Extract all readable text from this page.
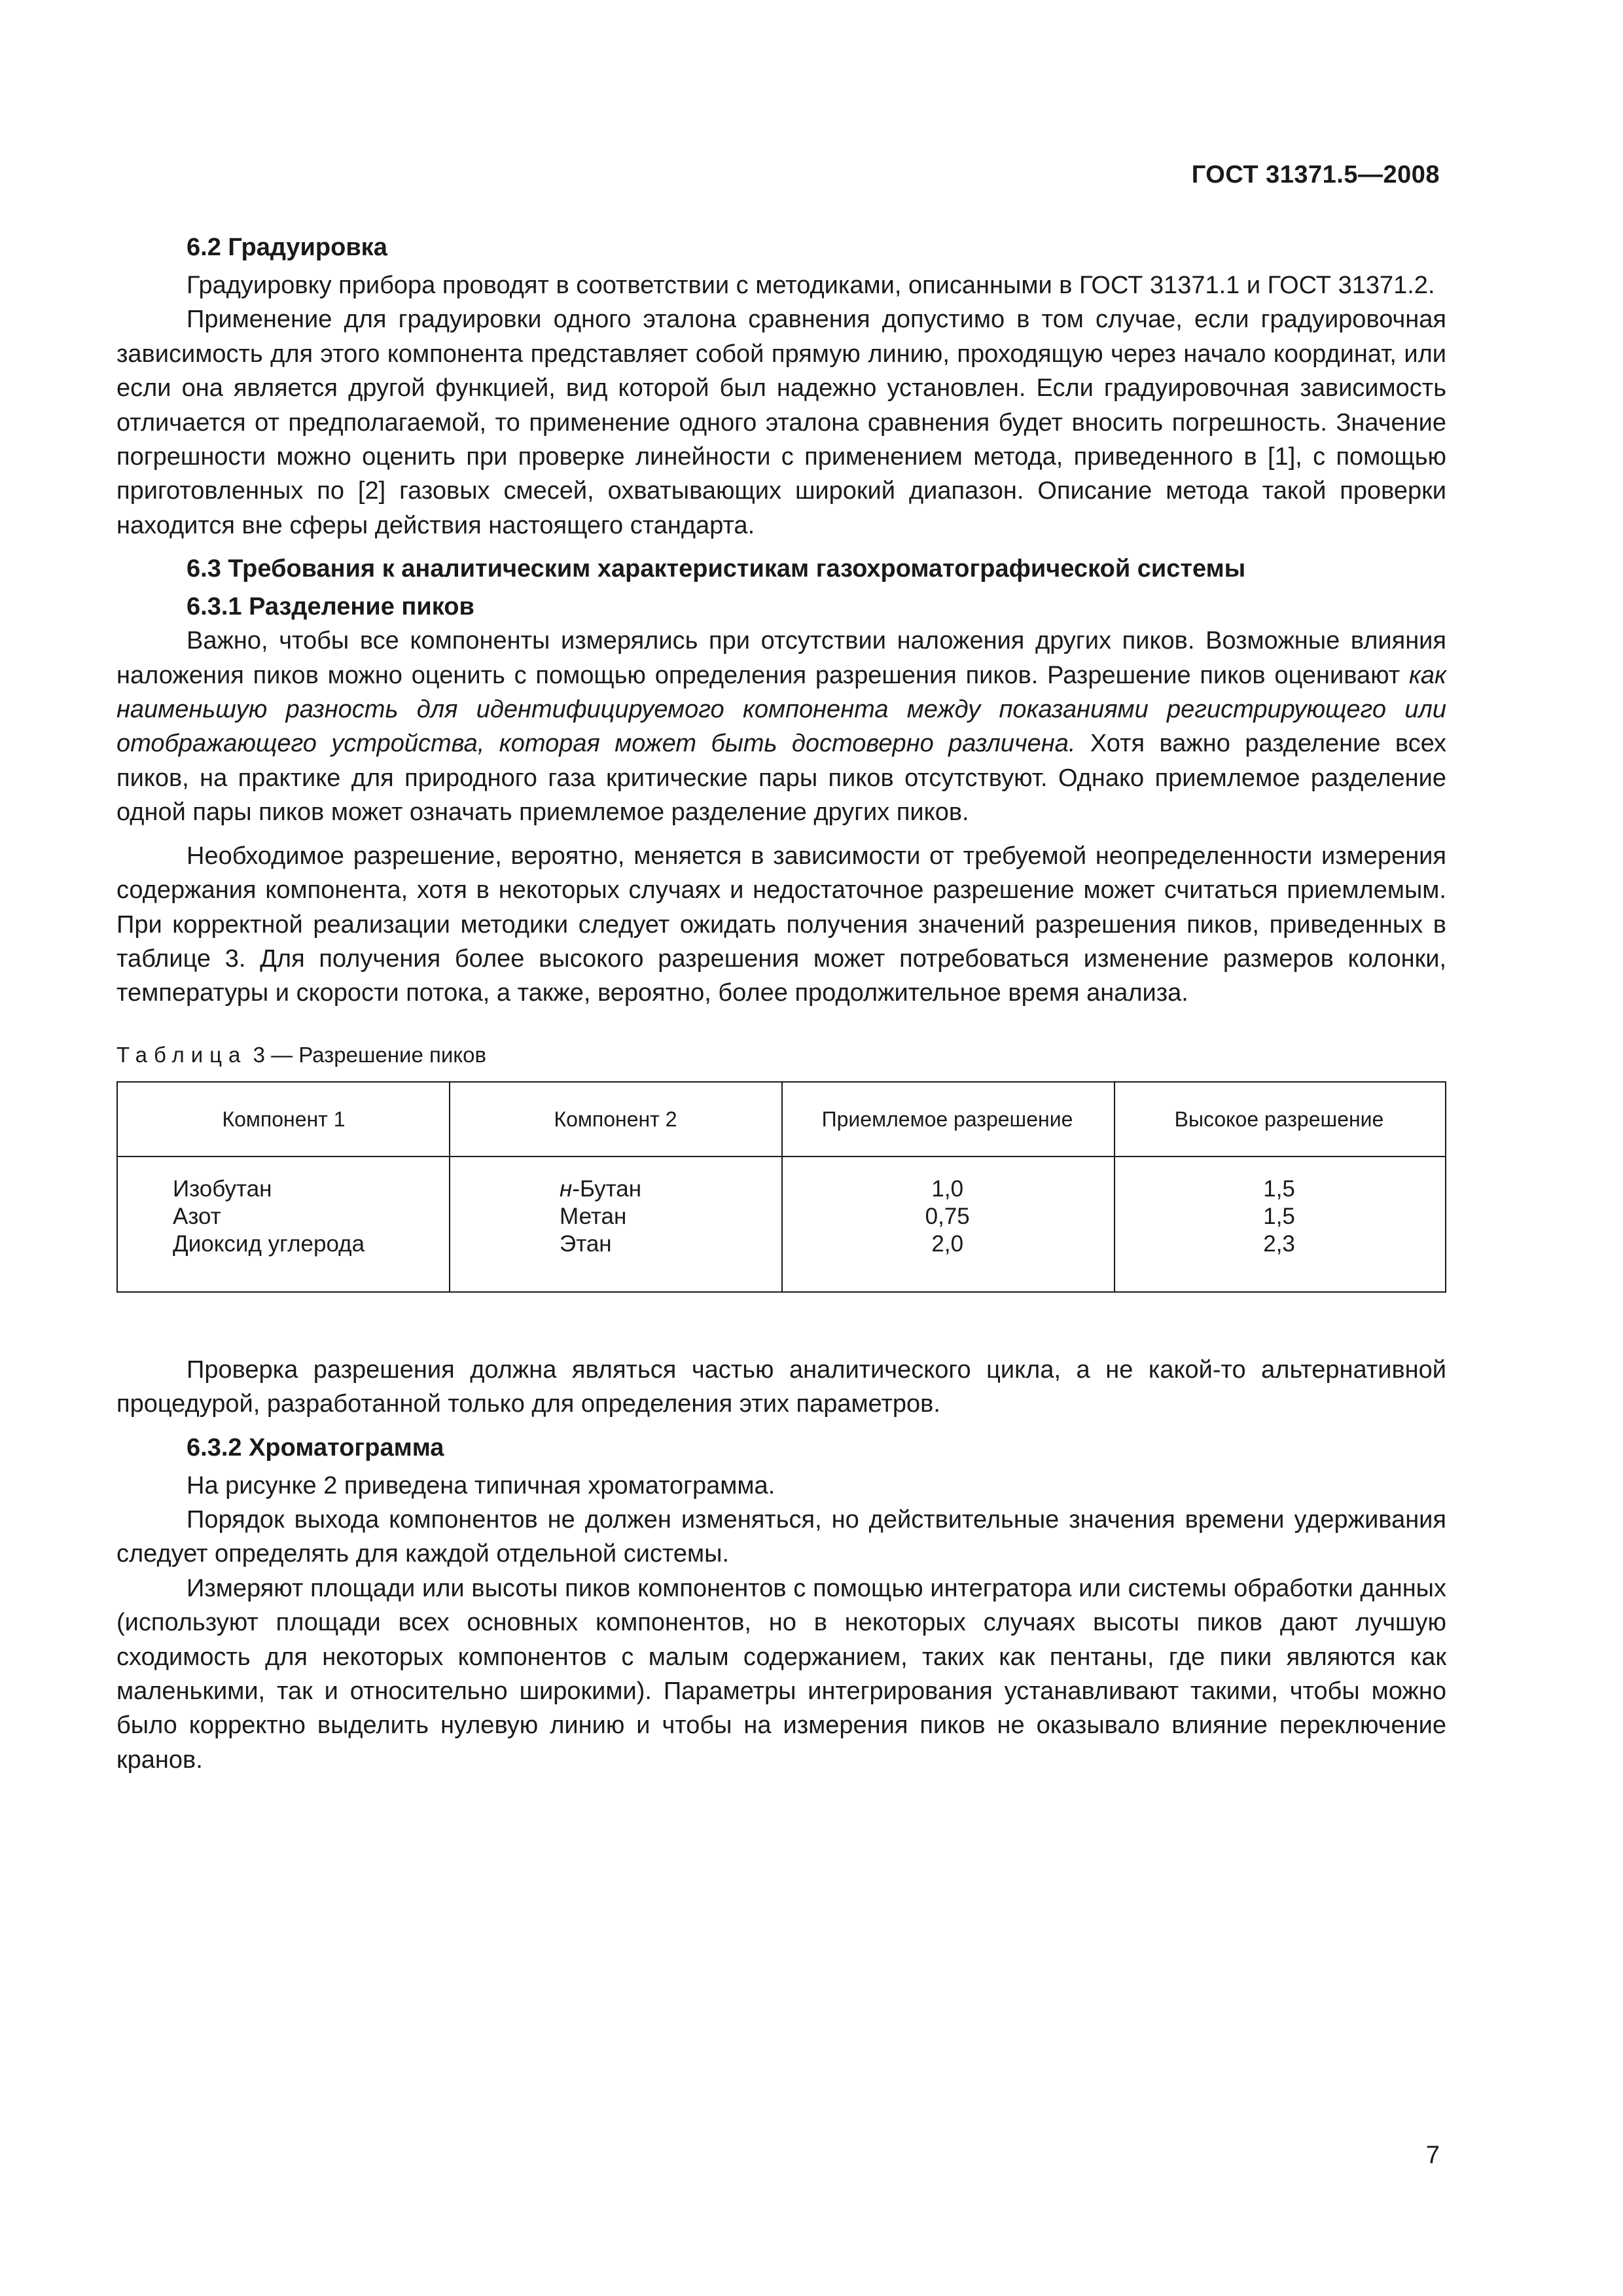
ГОСТ 31371.5—2008

6.2 Градуировка

Градуировку прибора проводят в соответствии с методиками, описанными в ГОСТ 31371.1 и ГОСТ 31371.2.

Применение для градуировки одного эталона сравнения допустимо в том случае, если градуировочная зависимость для этого компонента представляет собой прямую линию, проходящую через начало координат, или если она является другой функцией, вид которой был надежно установлен. Если градуировочная зависимость отличается от предполагаемой, то применение одного эталона сравнения будет вносить погрешность. Значение погрешности можно оценить при проверке линейности с применением метода, приведенного в [1], с помощью приготовленных по [2] газовых смесей, охватывающих широкий диапазон. Описание метода такой проверки находится вне сферы действия настоящего стандарта.

6.3 Требования к аналитическим характеристикам газохроматографической системы

6.3.1 Разделение пиков

Важно, чтобы все компоненты измерялись при отсутствии наложения других пиков. Возможные влияния наложения пиков можно оценить с помощью определения разрешения пиков. Разрешение пиков оценивают как наименьшую разность для идентифицируемого компонента между показаниями регистрирующего или отображающего устройства, которая может быть достоверно различена. Хотя важно разделение всех пиков, на практике для природного газа критические пары пиков отсутствуют. Однако приемлемое разделение одной пары пиков может означать приемлемое разделение других пиков.

Необходимое разрешение, вероятно, меняется в зависимости от требуемой неопределенности измерения содержания компонента, хотя в некоторых случаях и недостаточное разрешение может считаться приемлемым. При корректной реализации методики следует ожидать получения значений разрешения пиков, приведенных в таблице 3. Для получения более высокого разрешения может потребоваться изменение размеров колонки, температуры и скорости потока, а также, вероятно, более продолжительное время анализа.

Таблица 3 — Разрешение пиков

Компонент 1	Компонент 2	Приемлемое разрешение	Высокое разрешение
Изобутан	н-Бутан	1,0	1,5
Азот	Метан	0,75	1,5
Диоксид углерода	Этан	2,0	2,3

Проверка разрешения должна являться частью аналитического цикла, а не какой-то альтернативной процедурой, разработанной только для определения этих параметров.

6.3.2 Хроматограмма

На рисунке 2 приведена типичная хроматограмма.

Порядок выхода компонентов не должен изменяться, но действительные значения времени удерживания следует определять для каждой отдельной системы.

Измеряют площади или высоты пиков компонентов с помощью интегратора или системы обработки данных (используют площади всех основных компонентов, но в некоторых случаях высоты пиков дают лучшую сходимость для некоторых компонентов с малым содержанием, таких как пентаны, где пики являются как маленькими, так и относительно широкими). Параметры интегрирования устанавливают такими, чтобы можно было корректно выделить нулевую линию и чтобы на измерения пиков не оказывало влияние переключение кранов.

7
